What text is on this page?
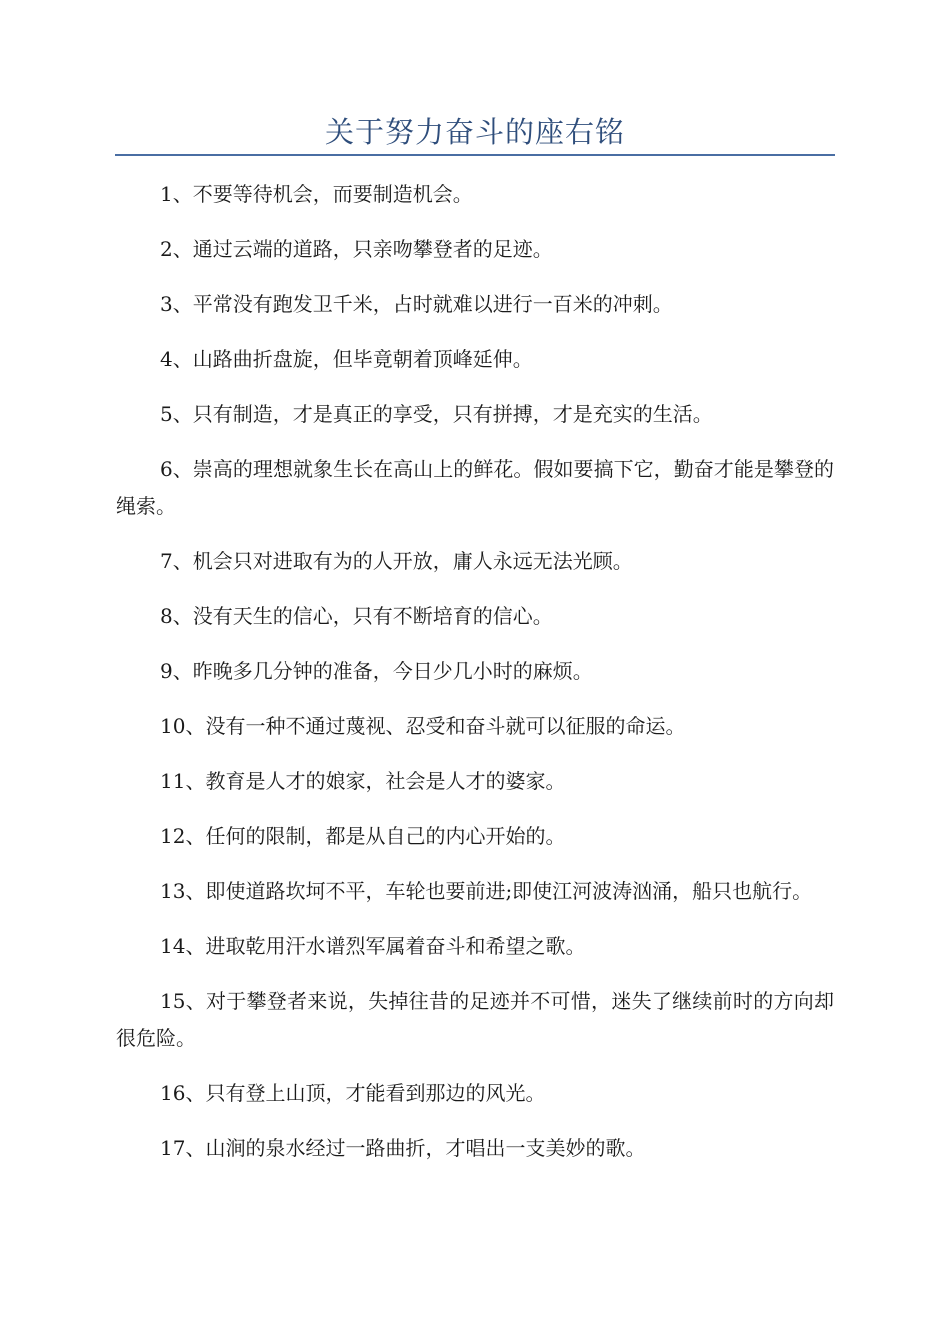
关于努力奋斗的座右铭

1、不要等待机会，而要制造机会。

2、通过云端的道路，只亲吻攀登者的足迹。

3、平常没有跑发卫千米，占时就难以进行一百米的冲刺。

4、山路曲折盘旋，但毕竟朝着顶峰延伸。

5、只有制造，才是真正的享受，只有拼搏，才是充实的生活。

6、崇高的理想就象生长在高山上的鲜花。假如要搞下它，勤奋才能是攀登的绳索。

7、机会只对进取有为的人开放，庸人永远无法光顾。

8、没有天生的信心，只有不断培育的信心。

9、昨晚多几分钟的准备，今日少几小时的麻烦。

10、没有一种不通过蔑视、忍受和奋斗就可以征服的命运。

11、教育是人才的娘家，社会是人才的婆家。

12、任何的限制，都是从自己的内心开始的。

13、即使道路坎坷不平，车轮也要前进;即使江河波涛汹涌，船只也航行。

14、进取乾用汗水谱烈军属着奋斗和希望之歌。

15、对于攀登者来说，失掉往昔的足迹并不可惜，迷失了继续前时的方向却很危险。

16、只有登上山顶，才能看到那边的风光。

17、山涧的泉水经过一路曲折，才唱出一支美妙的歌。
